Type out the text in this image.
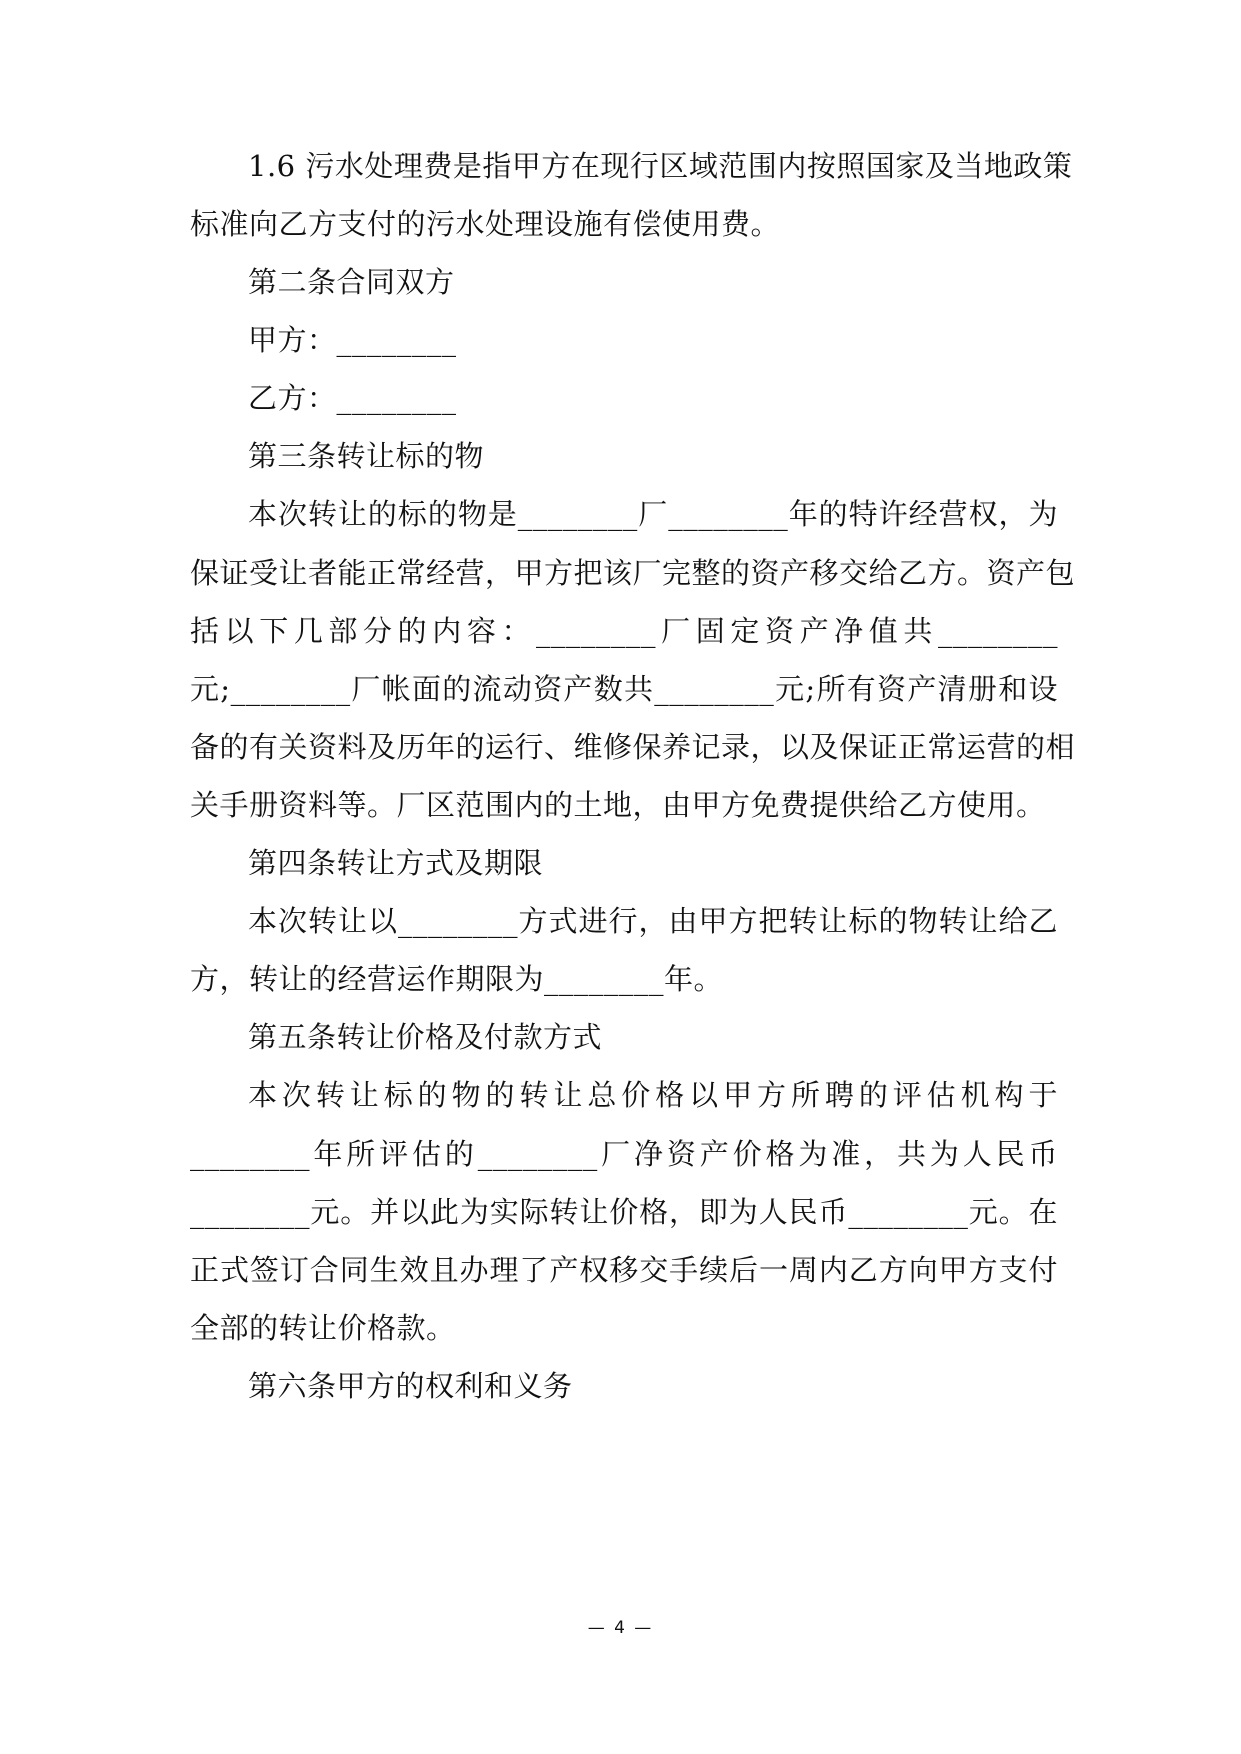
1.6 污水处理费是指甲方在现行区域范围内按照国家及当地政策
标准向乙方支付的污水处理设施有偿使用费。
第二条合同双方
甲方：________
乙方：________
第三条转让标的物
本次转让的标的物是________厂________年的特许经营权，为
保证受让者能正常经营，甲方把该厂完整的资产移交给乙方。资产包
括以下几部分的内容：________厂固定资产净值共________
元;________厂帐面的流动资产数共________元;所有资产清册和设
备的有关资料及历年的运行、维修保养记录，以及保证正常运营的相
关手册资料等。厂区范围内的土地，由甲方免费提供给乙方使用。
第四条转让方式及期限
本次转让以________方式进行，由甲方把转让标的物转让给乙
方，转让的经营运作期限为________年。
第五条转让价格及付款方式
本次转让标的物的转让总价格以甲方所聘的评估机构于
________年所评估的________厂净资产价格为准，共为人民币
________元。并以此为实际转让价格，即为人民币________元。在
正式签订合同生效且办理了产权移交手续后一周内乙方向甲方支付
全部的转让价格款。
第六条甲方的权利和义务
— 4 —
